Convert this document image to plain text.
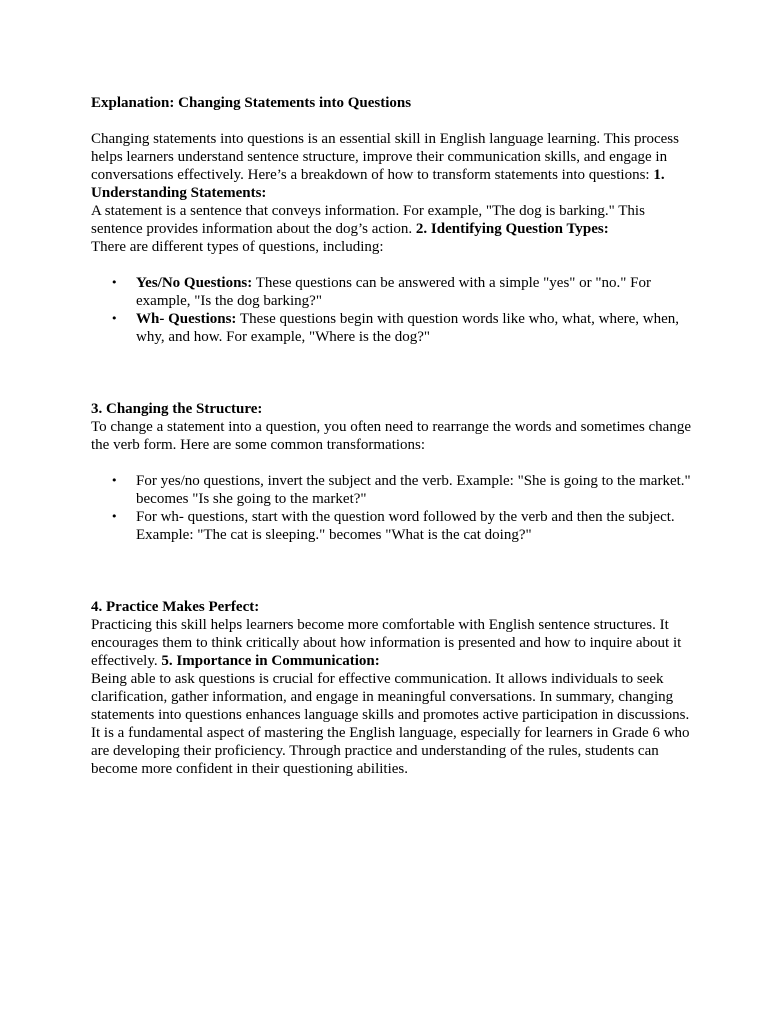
Explanation: Changing Statements into Questions

Changing statements into questions is an essential skill in English language learning. This process helps learners understand sentence structure, improve their communication skills, and engage in conversations effectively. Here’s a breakdown of how to transform statements into questions: 1. Understanding Statements:

A statement is a sentence that conveys information. For example, "The dog is barking." This sentence provides information about the dog’s action. 2. Identifying Question Types:

There are different types of questions, including:

• Yes/No Questions: These questions can be answered with a simple "yes" or "no." For example, "Is the dog barking?"
• Wh- Questions: These questions begin with question words like who, what, where, when, why, and how. For example, "Where is the dog?"

3. Changing the Structure:

To change a statement into a question, you often need to rearrange the words and sometimes change the verb form. Here are some common transformations:

• For yes/no questions, invert the subject and the verb. Example: "She is going to the market." becomes "Is she going to the market?"
• For wh- questions, start with the question word followed by the verb and then the subject. Example: "The cat is sleeping." becomes "What is the cat doing?"

4. Practice Makes Perfect:

Practicing this skill helps learners become more comfortable with English sentence structures. It encourages them to think critically about how information is presented and how to inquire about it effectively. 5. Importance in Communication:

Being able to ask questions is crucial for effective communication. It allows individuals to seek clarification, gather information, and engage in meaningful conversations. In summary, changing statements into questions enhances language skills and promotes active participation in discussions. It is a fundamental aspect of mastering the English language, especially for learners in Grade 6 who are developing their proficiency. Through practice and understanding of the rules, students can become more confident in their questioning abilities.
